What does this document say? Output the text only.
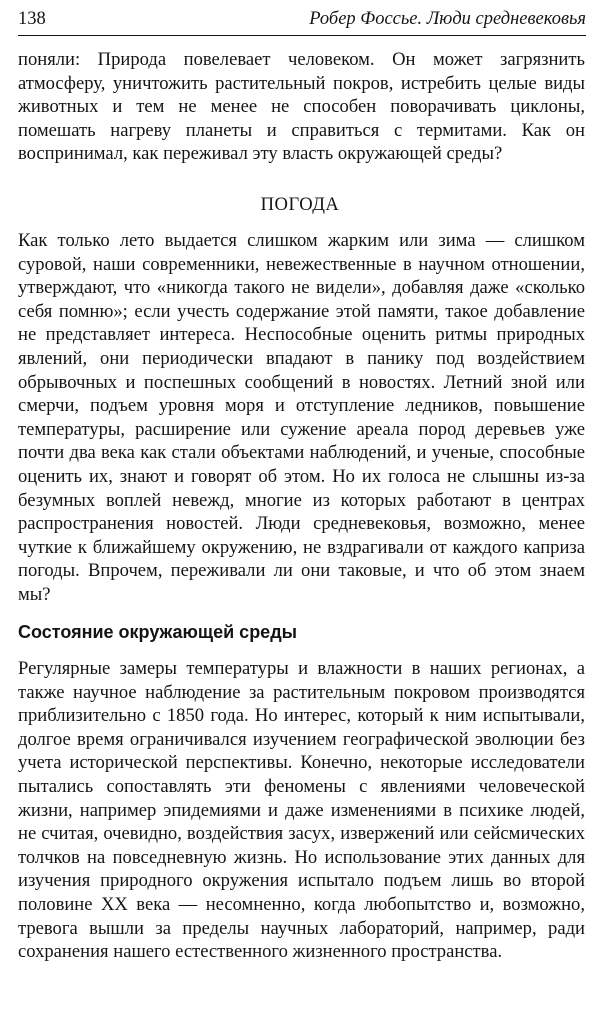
138	Робер Фоссье. Люди средневековья

поняли: Природа повелевает человеком. Он может загрязнить атмосферу, уничтожить растительный покров, истребить целые виды животных и тем не менее не способен поворачивать циклоны, помешать нагреву планеты и справиться с термитами. Как он воспринимал, как переживал эту власть окружающей среды?

ПОГОДА

Как только лето выдается слишком жарким или зима — слишком суровой, наши современники, невежественные в научном отношении, утверждают, что «никогда такого не видели», добавляя даже «сколько себя помню»; если учесть содержание этой памяти, такое добавление не представляет интереса. Неспособные оценить ритмы природных явлений, они периодически впадают в панику под воздействием обрывочных и поспешных сообщений в новостях. Летний зной или смерчи, подъем уровня моря и отступление ледников, повышение температуры, расширение или сужение ареала пород деревьев уже почти два века как стали объектами наблюдений, и ученые, способные оценить их, знают и говорят об этом. Но их голоса не слышны из-за безумных воплей невежд, многие из которых работают в центрах распространения новостей. Люди средневековья, возможно, менее чуткие к ближайшему окружению, не вздрагивали от каждого каприза погоды. Впрочем, переживали ли они таковые, и что об этом знаем мы?

Состояние окружающей среды

Регулярные замеры температуры и влажности в наших регионах, а также научное наблюдение за растительным покровом производятся приблизительно с 1850 года. Но интерес, который к ним испытывали, долгое время ограничивался изучением географической эволюции без учета исторической перспективы. Конечно, некоторые исследователи пытались сопоставлять эти феномены с явлениями человеческой жизни, например эпидемиями и даже изменениями в психике людей, не считая, очевидно, воздействия засух, извержений или сейсмических толчков на повседневную жизнь. Но использование этих данных для изучения природного окружения испытало подъем лишь во второй половине XX века — несомненно, когда любопытство и, возможно, тревога вышли за пределы научных лабораторий, например, ради сохранения нашего естественного жизненного пространства.
